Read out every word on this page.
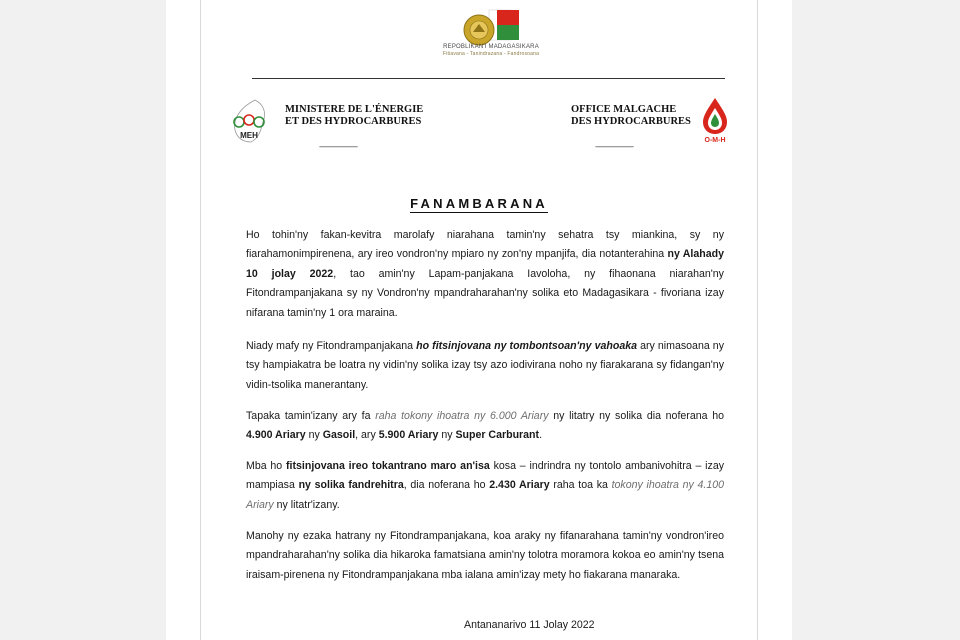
REPOBLIKAN'I MADAGASIKARA
Fitiavana - Tanindrazana - Fandrosoana
MEH
MINISTERE DE L'ÉNERGIE
ET DES HYDROCARBURES
-------------------
OFFICE MALGACHE
DES HYDROCARBURES
-------------------
O-M-H
FANAMBARANA
Ho tohin'ny fakan-kevitra marolafy niarahana tamin'ny sehatra tsy miankina, sy ny fiarahamonimpirenena, ary ireo vondron'ny mpiaro ny zon'ny mpanjifa, dia notanterahina ny Alahady 10 jolay 2022, tao amin'ny Lapam-panjakana Iavoloha, ny fihaonana niarahan'ny Fitondrampanjakana sy ny Vondron'ny mpandraharahan'ny solika eto Madagasikara - fivoriana izay nifarana tamin'ny 1 ora maraina.
Niady mafy ny Fitondrampanjakana ho fitsinjovana ny tombontsoan'ny vahoaka ary nimasoana ny tsy hampiakatra be loatra ny vidin'ny solika izay tsy azo iodivirana noho ny fiarakarana sy fidangan'ny vidin-tsolika manerantany.
Tapaka tamin'izany ary fa raha tokony ihoatra ny 6.000 Ariary ny litatry ny solika dia noferana ho 4.900 Ariary ny Gasoil, ary 5.900 Ariary ny Super Carburant.
Mba ho fitsinjovana ireo tokantrano maro an'isa kosa – indrindra ny tontolo ambanivohitra – izay mampiasa ny solika fandrehitra, dia noferana ho 2.430 Ariary raha toa ka tokony ihoatra ny 4.100 Ariary ny litatr'izany.
Manohy ny ezaka hatrany ny Fitondrampanjakana, koa araky ny fifanarahana tamin'ny vondron'ireo mpandraharahan'ny solika dia hikaroka famatsiana amin'ny tolotra moramora kokoa eo amin'ny tsena iraisam-pirenena ny Fitondrampanjakana mba ialana amin'izay mety ho fiakarana manaraka.
Antananarivo 11 Jolay 2022
